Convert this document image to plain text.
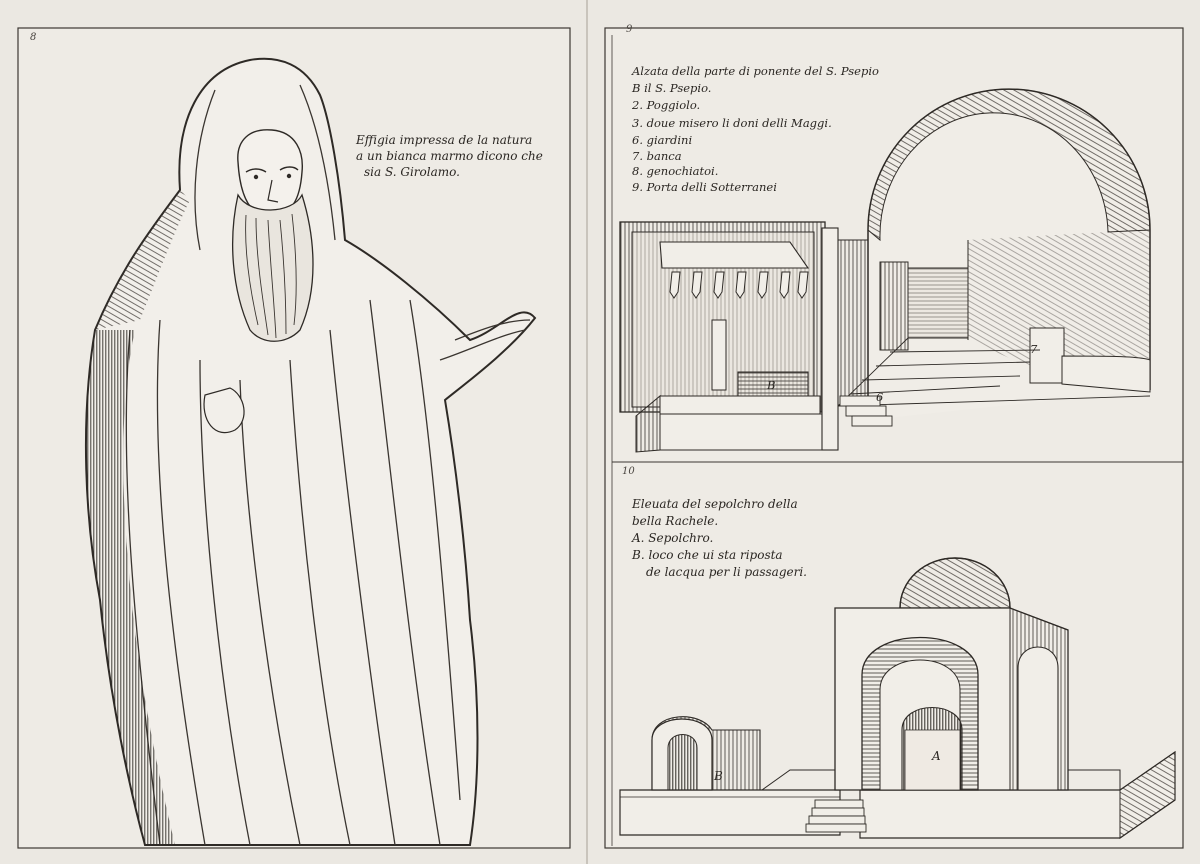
8

Effigia impressa de la natura

a un bianca marmo dicono che

sia S. Girolamo.

9

Alzata della parte di ponente del S. Psepio

B il S. Psepio.

2. Poggiolo.

3. doue misero li doni delli Maggi.

6. giardini

7. banca

8. genochiatoi.

9. Porta delli Sotterranei

B

6

7

10

Eleuata del sepolchro della

bella Rachele.

A. Sepolchro.

B. loco che ui sta riposta

de lacqua per li passageri.

A

B
